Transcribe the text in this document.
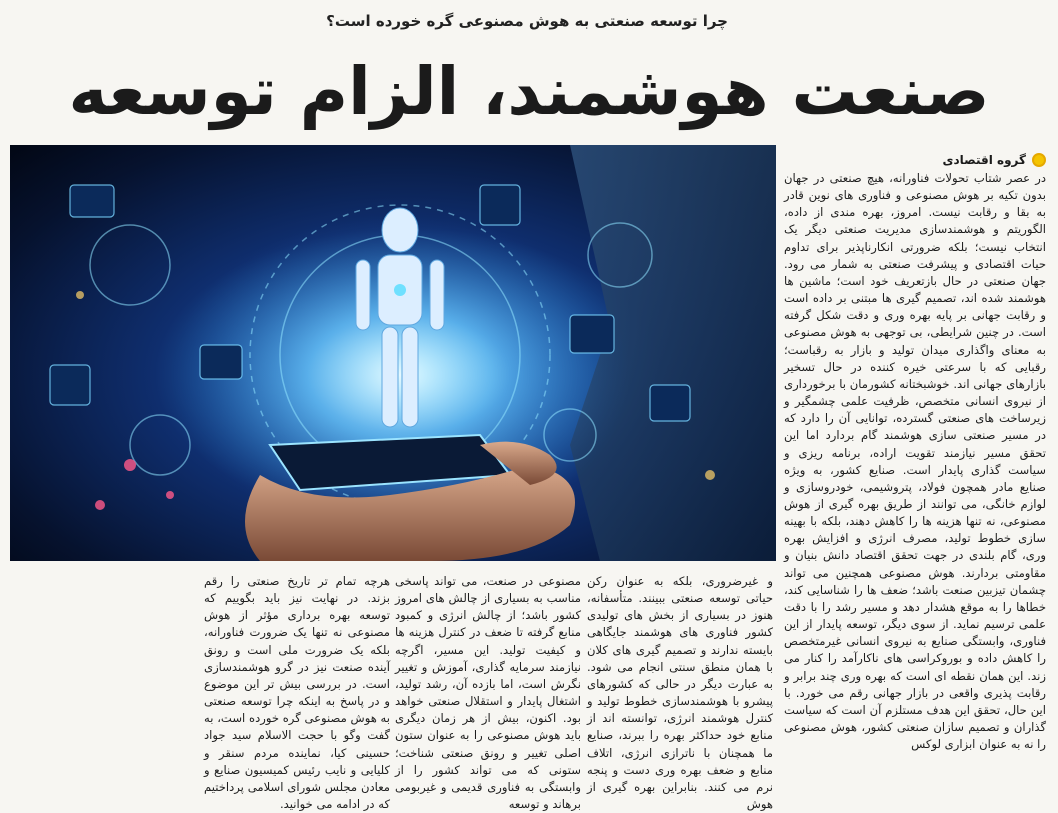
چرا توسعه صنعتی به هوش مصنوعی گره خورده است؟
صنعت هوشمند، الزام توسعه
گروه اقتصادی
در عصر شتاب تحولات فناورانه، هیچ صنعتی در جهان بدون تکیه بر هوش مصنوعی و فناوری های نوین قادر به بقا و رقابت نیست. امروز، بهره مندی از داده، الگوریتم و هوشمندسازی مدیریت صنعتی دیگر یک انتخاب نیست؛ بلکه ضرورتی انکارناپذیر برای تداوم حیات اقتصادی و پیشرفت صنعتی به شمار می رود. جهان صنعتی در حال بازتعریف خود است؛ ماشین ها هوشمند شده اند، تصمیم گیری ها مبتنی بر داده است و رقابت جهانی بر پایه بهره وری و دقت شکل گرفته است. در چنین شرایطی، بی توجهی به هوش مصنوعی به معنای واگذاری میدان تولید و بازار به رقباست؛ رقبایی که با سرعتی خیره کننده در حال تسخیر بازارهای جهانی اند. خوشبختانه کشورمان با برخورداری از نیروی انسانی متخصص، ظرفیت علمی چشمگیر و زیرساخت های صنعتی گسترده، توانایی آن را دارد که در مسیر صنعتی سازی هوشمند گام بردارد اما این تحقق مسیر نیازمند تقویت اراده، برنامه ریزی و سیاست گذاری پایدار است. صنایع کشور، به ویژه صنایع مادر همچون فولاد، پتروشیمی، خودروسازی و لوازم خانگی، می توانند از طریق بهره گیری از هوش مصنوعی، نه تنها هزینه ها را کاهش دهند، بلکه با بهینه سازی خطوط تولید، مصرف انرژی و افزایش بهره وری، گام بلندی در جهت تحقق اقتصاد دانش بنیان و مقاومتی بردارند. هوش مصنوعی همچنین می تواند چشمان تیزبین صنعت باشد؛ ضعف ها را شناسایی کند، خطاها را به موقع هشدار دهد و مسیر رشد را با دقت علمی ترسیم نماید. از سوی دیگر، توسعه پایدار از این فناوری، وابستگی صنایع به نیروی انسانی غیرمتخصص را کاهش داده و بوروکراسی های ناکارآمد را کنار می زند. این همان نقطه ای است که بهره وری چند برابر و رقابت پذیری واقعی در بازار جهانی رقم می خورد. با این حال، تحقق این هدف مستلزم آن است که سیاست گذاران و تصمیم سازان صنعتی کشور، هوش مصنوعی را نه به عنوان ابزاری لوکس
و غیرضروری، بلکه به عنوان رکن حیاتی توسعه صنعتی ببینند. متأسفانه، هنوز در بسیاری از بخش های تولیدی کشور فناوری های هوشمند جایگاهی بایسته ندارند و تصمیم گیری های کلان با همان منطق سنتی انجام می شود. به عبارت دیگر در حالی که کشورهای پیشرو با هوشمندسازی خطوط تولید و کنترل هوشمند انرژی، توانسته اند از منابع خود حداکثر بهره را ببرند، صنایع ما همچنان با ناترازی انرژی، اتلاف منابع و ضعف بهره وری دست و پنجه نرم می کنند. بنابراین بهره گیری از هوش
مصنوعی در صنعت، می تواند پاسخی مناسب به بسیاری از چالش های امروز کشور باشد؛ از چالش انرژی و کمبود منابع گرفته تا ضعف در کنترل هزینه ها و کیفیت تولید. این مسیر، اگرچه نیازمند سرمایه گذاری، آموزش و تغییر نگرش است، اما بازده آن، رشد تولید، اشتغال پایدار و استقلال صنعتی خواهد بود. اکنون، بیش از هر زمان دیگری باید هوش مصنوعی را به عنوان ستون اصلی تغییر و رونق صنعتی شناخت؛ ستونی که می تواند کشور را از وابستگی به فناوری قدیمی و غیربومی برهاند و توسعه
هرچه تمام تر تاریخ صنعتی را رقم بزند. در نهایت نیز باید بگوییم که توسعه بهره برداری مؤثر از هوش مصنوعی نه تنها یک ضرورت فناورانه، بلکه یک ضرورت ملی است و رونق آینده صنعت نیز در گرو هوشمندسازی است. در بررسی بیش تر این موضوع و در پاسخ به اینکه چرا توسعه صنعتی به هوش مصنوعی گره خورده است، به گفت وگو با حجت الاسلام سید جواد حسینی کیا، نماینده مردم سنقر و کلیایی و نایب رئیس کمیسیون صنایع و معادن مجلس شورای اسلامی پرداختیم که در ادامه می خوانید.
